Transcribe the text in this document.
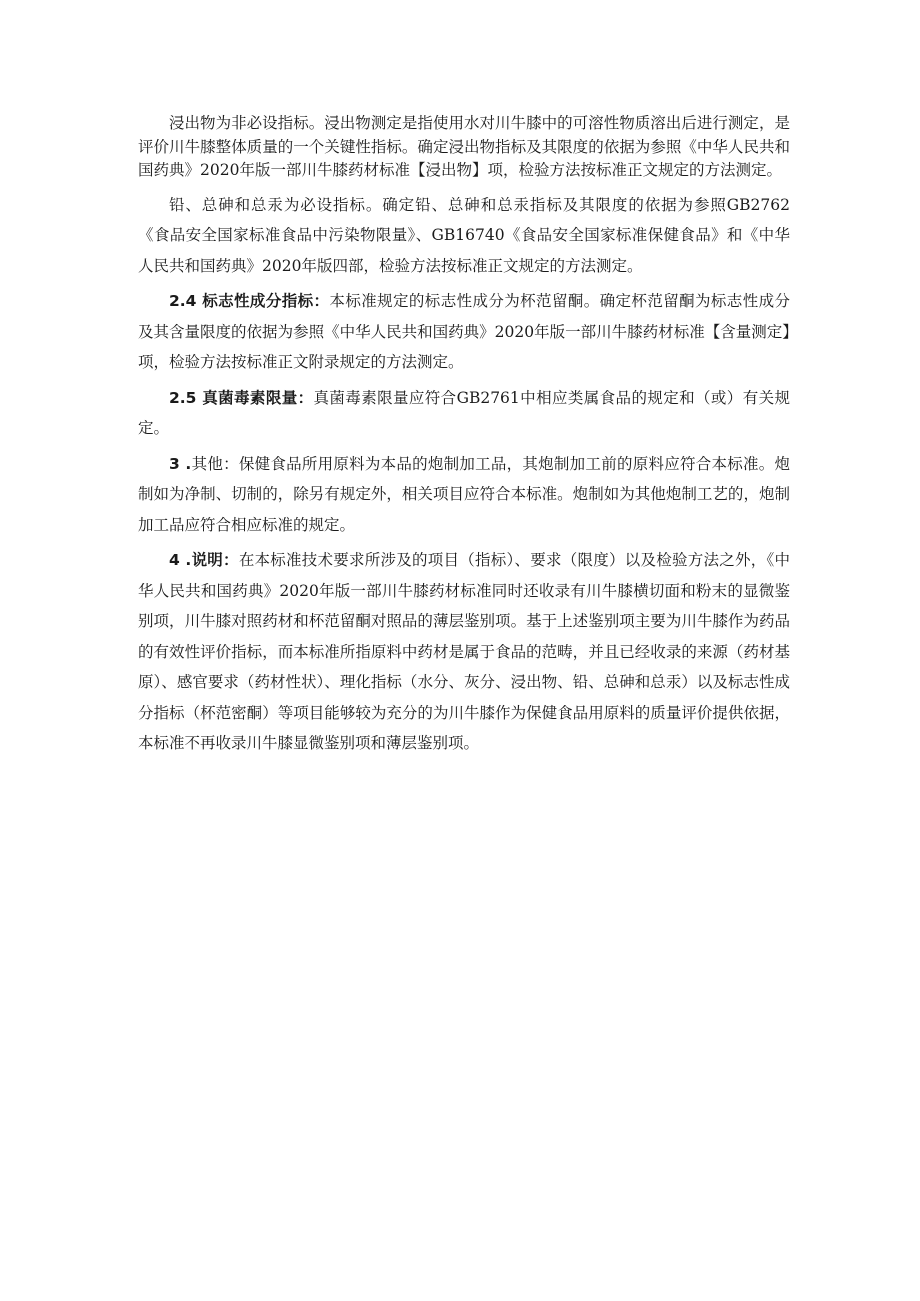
浸出物为非必设指标。浸出物测定是指使用水对川牛膝中的可溶性物质溶出后进行测定，是评价川牛膝整体质量的一个关键性指标。确定浸出物指标及其限度的依据为参照《中华人民共和国药典》2020年版一部川牛膝药材标准【浸出物】项，检验方法按标准正文规定的方法测定。

铅、总砷和总汞为必设指标。确定铅、总砷和总汞指标及其限度的依据为参照GB2762《食品安全国家标准食品中污染物限量》、GB16740《食品安全国家标准保健食品》和《中华人民共和国药典》2020年版四部，检验方法按标准正文规定的方法测定。

2.4 标志性成分指标：本标准规定的标志性成分为杯范留酮。确定杯范留酮为标志性成分及其含量限度的依据为参照《中华人民共和国药典》2020年版一部川牛膝药材标准【含量测定】项，检验方法按标准正文附录规定的方法测定。

2.5 真菌毒素限量：真菌毒素限量应符合GB2761中相应类属食品的规定和（或）有关规定。

3 .其他：保健食品所用原料为本品的炮制加工品，其炮制加工前的原料应符合本标准。炮制如为净制、切制的，除另有规定外，相关项目应符合本标准。炮制如为其他炮制工艺的，炮制加工品应符合相应标准的规定。

4 .说明：在本标准技术要求所涉及的项目（指标）、要求（限度）以及检验方法之外，《中华人民共和国药典》2020年版一部川牛膝药材标准同时还收录有川牛膝横切面和粉末的显微鉴别项，川牛膝对照药材和杯范留酮对照品的薄层鉴别项。基于上述鉴别项主要为川牛膝作为药品的有效性评价指标，而本标准所指原料中药材是属于食品的范畴，并且已经收录的来源（药材基原）、感官要求（药材性状）、理化指标（水分、灰分、浸出物、铅、总砷和总汞）以及标志性成分指标（杯范密酮）等项目能够较为充分的为川牛膝作为保健食品用原料的质量评价提供依据，本标准不再收录川牛膝显微鉴别项和薄层鉴别项。
